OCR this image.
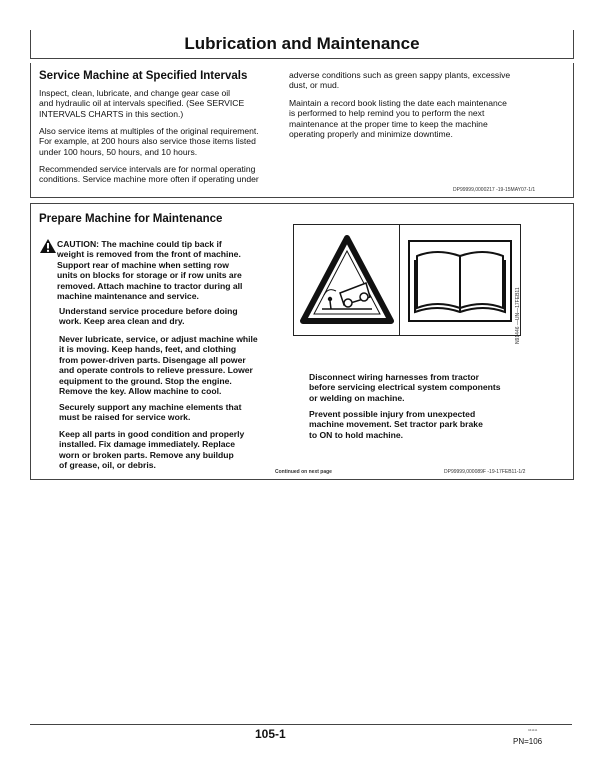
Lubrication and Maintenance
Service Machine at Specified Intervals

Inspect, clean, lubricate, and change gear case oil
and hydraulic oil at intervals specified. (See SERVICE
INTERVALS CHARTS in this section.)

Also service items at multiples of the original requirement.
For example, at 200 hours also service those items listed
under 100 hours, 50 hours, and 10 hours.

Recommended service intervals are for normal operating
conditions. Service machine more often if operating under

adverse conditions such as green sappy plants, excessive
dust, or mud.

Maintain a record book listing the date each maintenance
is performed to help remind you to perform the next
maintenance at the proper time to keep the machine
operating properly and minimize downtime.

DP99999,0000217 -19-15MAY07-1/1
Prepare Machine for Maintenance

CAUTION: The machine could tip back if
weight is removed from the front of machine.
Support rear of machine when setting row
units on blocks for storage or if row units are
removed. Attach machine to tractor during all
machine maintenance and service.

Understand service procedure before doing
work. Keep area clean and dry.

Never lubricate, service, or adjust machine while
it is moving. Keep hands, feet, and clothing
from power-driven parts. Disengage all power
and operate controls to relieve pressure. Lower
equipment to the ground. Stop the engine.
Remove the key. Allow machine to cool.

Securely support any machine elements that
must be raised for service work.

Keep all parts in good condition and properly
installed. Fix damage immediately. Replace
worn or broken parts. Remove any buildup
of grease, oil, or debris.

N91446 —UN—17FEB11

Disconnect wiring harnesses from tractor
before servicing electrical system components
or welding on machine.

Prevent possible injury from unexpected
machine movement. Set tractor park brake
to ON to hold machine.

Continued on next page	DP99999,000089F -19-17FEB11-1/2
105-1	041111
PN=106
